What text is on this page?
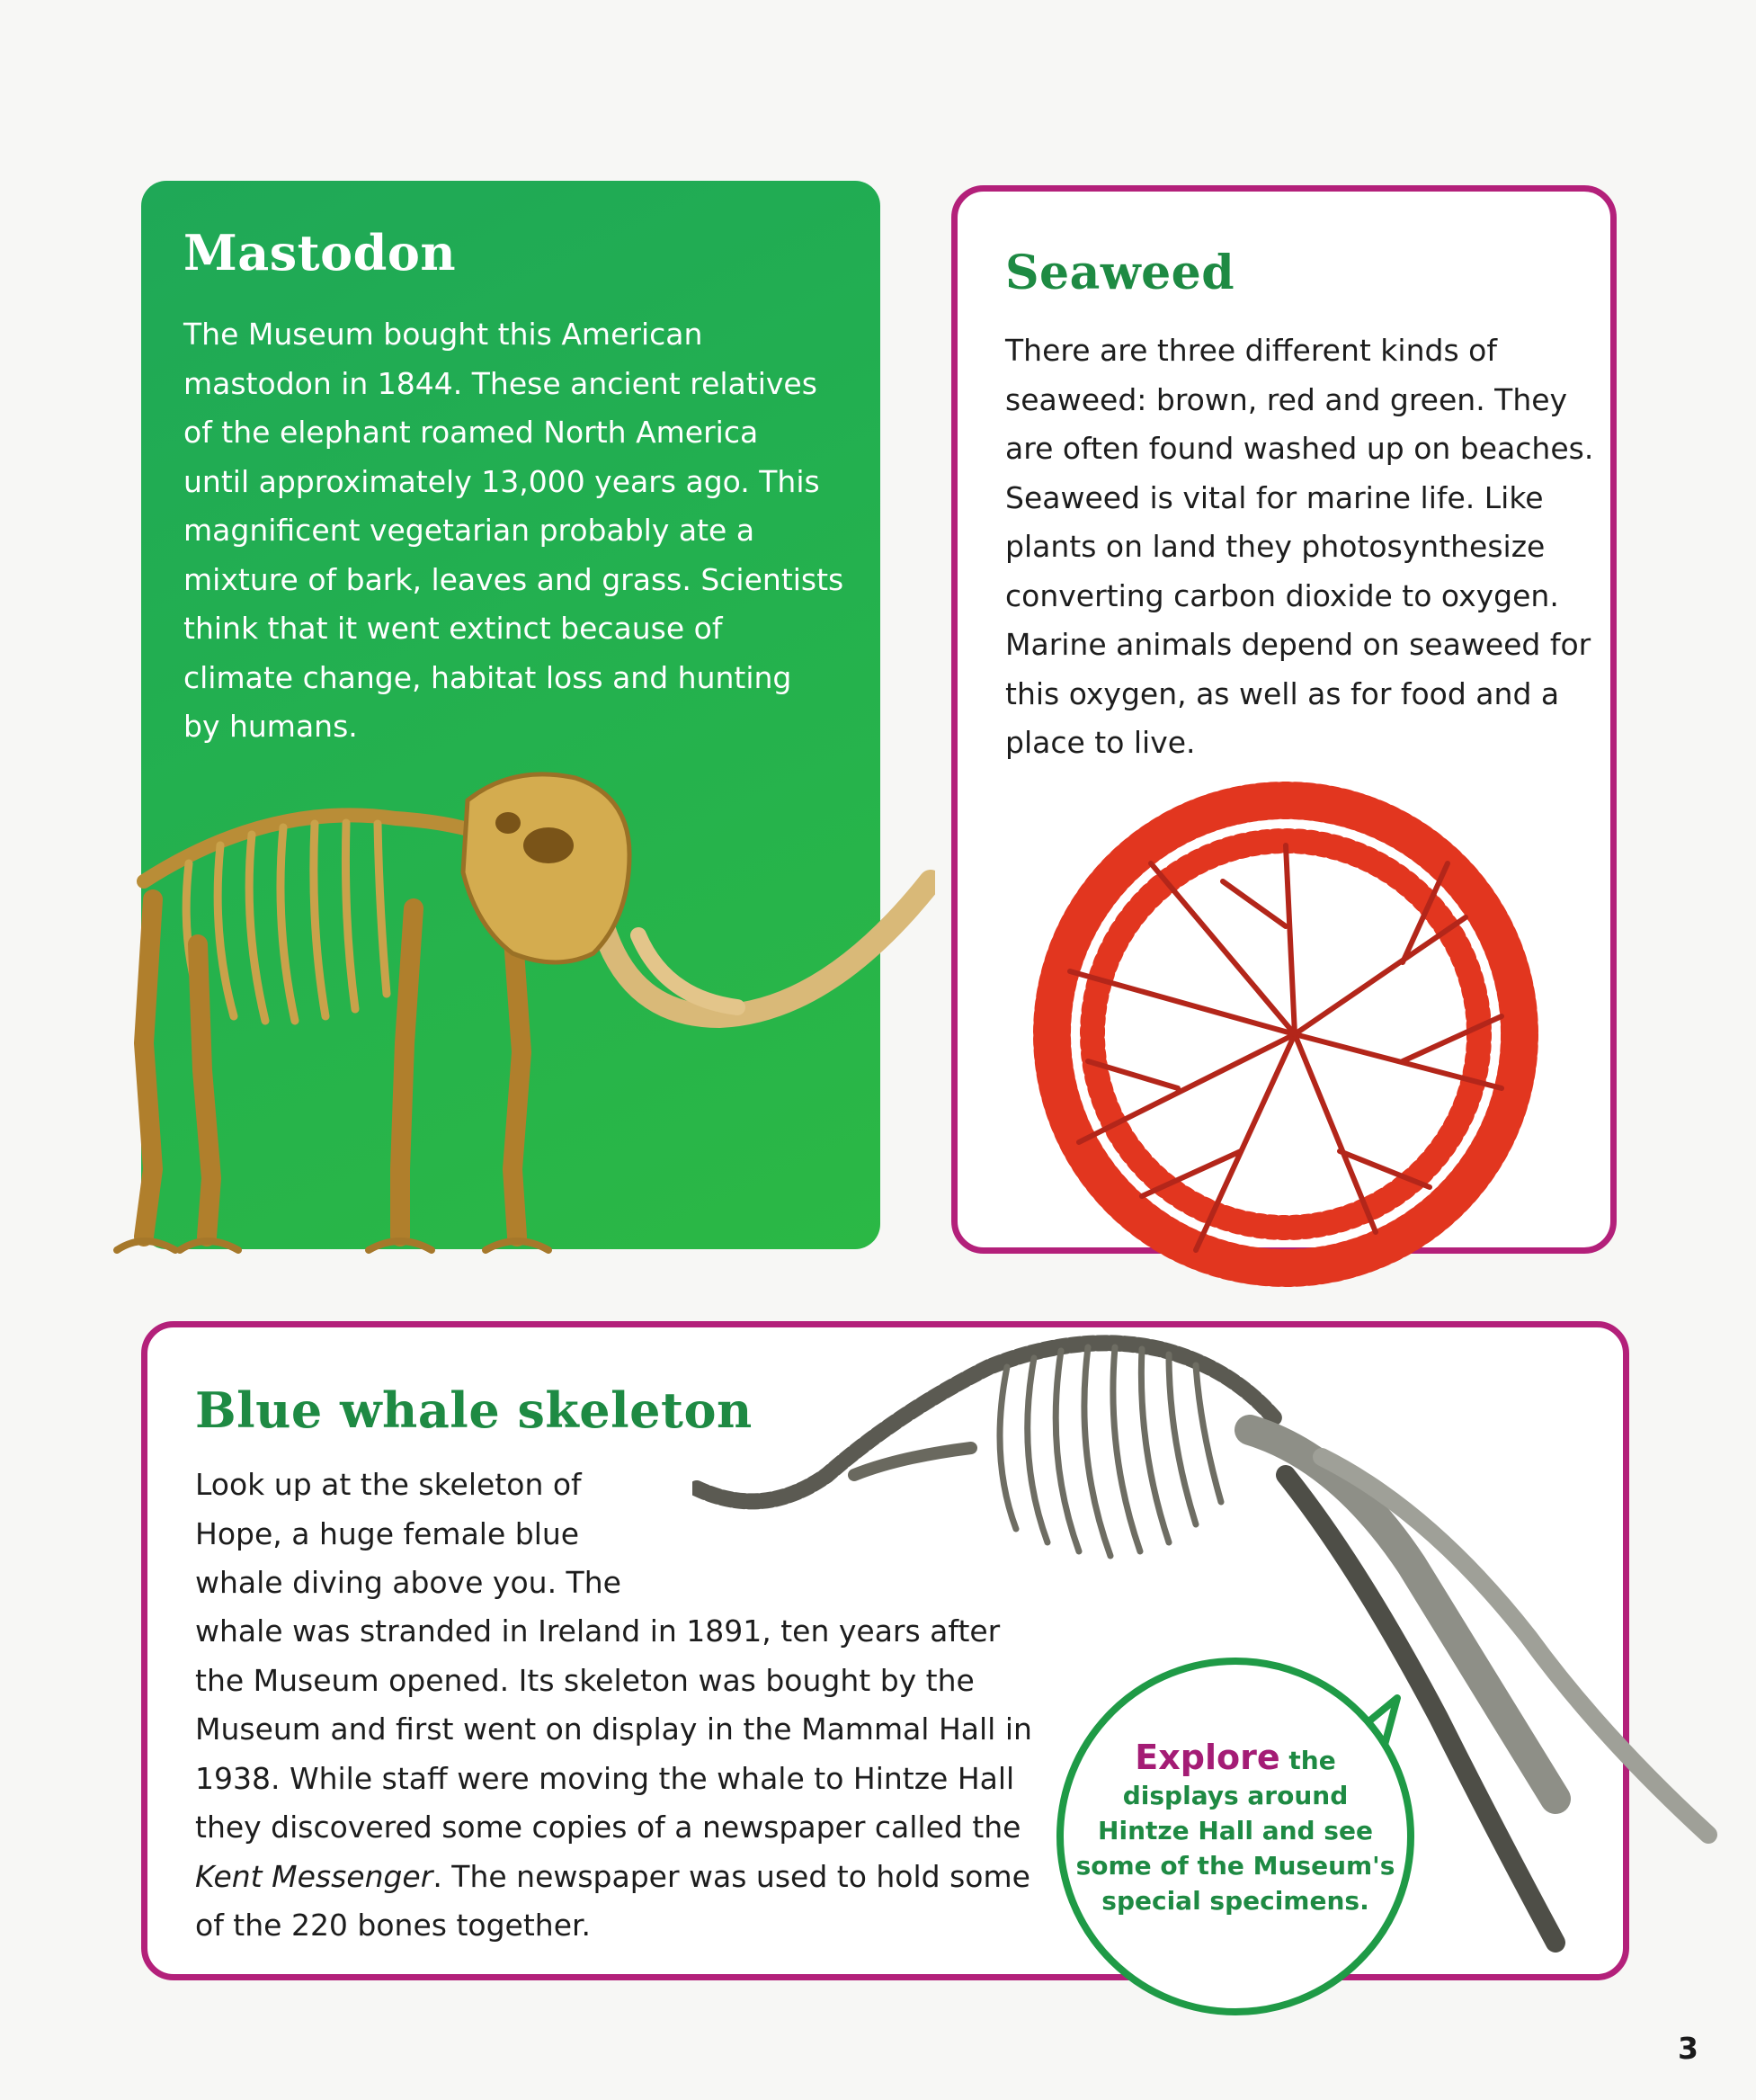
Mastodon

The Museum bought this American
mastodon in 1844. These ancient relatives
of the elephant roamed North America
until approximately 13,000 years ago. This
magnificent vegetarian probably ate a
mixture of bark, leaves and grass. Scientists
think that it went extinct because of
climate change, habitat loss and hunting
by humans.

Seaweed

There are three different kinds of
seaweed: brown, red and green. They
are often found washed up on beaches.
Seaweed is vital for marine life. Like
plants on land they photosynthesize
converting carbon dioxide to oxygen.
Marine animals depend on seaweed for
this oxygen, as well as for food and a
place to live.

Blue whale skeleton

Look up at the skeleton of
Hope, a huge female blue
whale diving above you. The

whale was stranded in Ireland in 1891, ten years after
the Museum opened. Its skeleton was bought by the
Museum and first went on display in the Mammal Hall in
1938. While staff were moving the whale to Hintze Hall
they discovered some copies of a newspaper called the
Kent Messenger. The newspaper was used to hold some
of the 220 bones together.

Explore the
displays around
Hintze Hall and see
some of the Museum's
special specimens.
3
